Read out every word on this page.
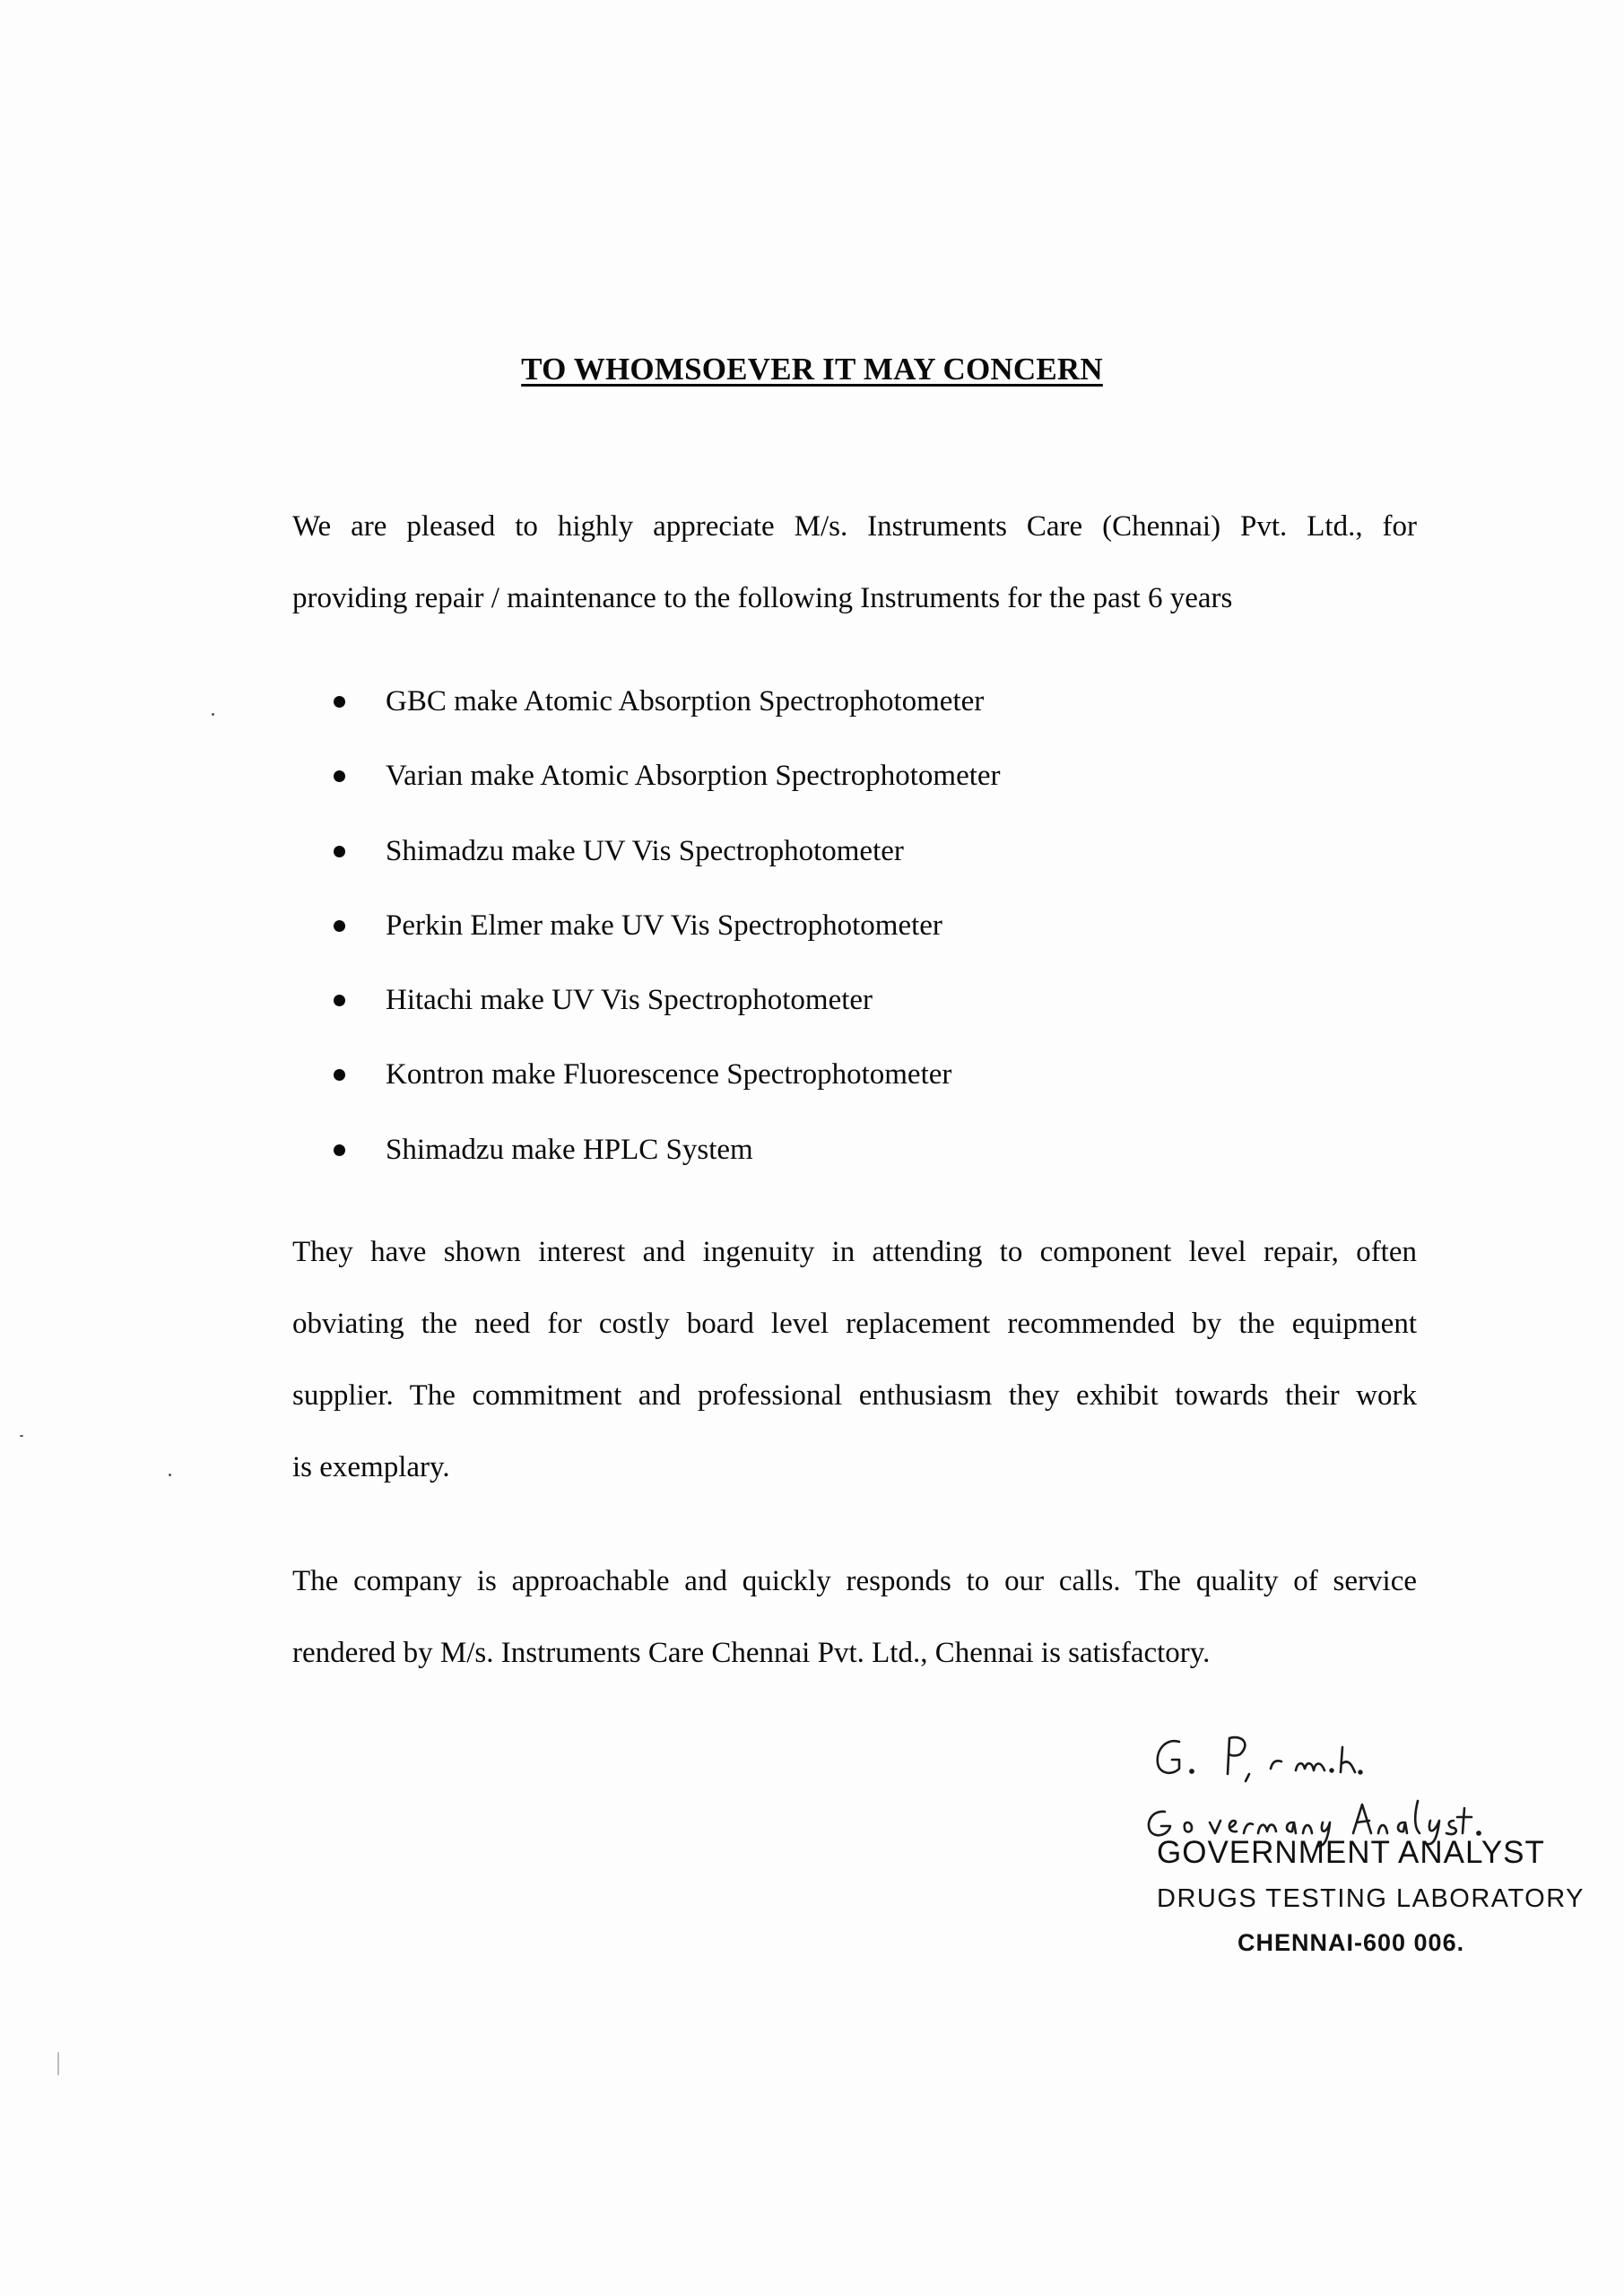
TO WHOMSOEVER IT MAY CONCERN
We are pleased to highly appreciate M/s. Instruments Care (Chennai) Pvt. Ltd., for
providing repair / maintenance to the following Instruments for the past 6 years
GBC make Atomic Absorption Spectrophotometer
Varian make Atomic Absorption Spectrophotometer
Shimadzu make UV Vis Spectrophotometer
Perkin Elmer make UV Vis Spectrophotometer
Hitachi make UV Vis Spectrophotometer
Kontron make Fluorescence Spectrophotometer
Shimadzu make HPLC System
They have shown interest and ingenuity in attending to component level repair, often
obviating the need for costly board level replacement recommended by the equipment
supplier. The commitment and professional enthusiasm they exhibit towards their work
is exemplary.
The company is approachable and quickly responds to our calls. The quality of service
rendered by M/s. Instruments Care Chennai Pvt. Ltd., Chennai is satisfactory.
GOVERNMENT ANALYST
DRUGS TESTING LABORATORY
CHENNAI-600 006.
